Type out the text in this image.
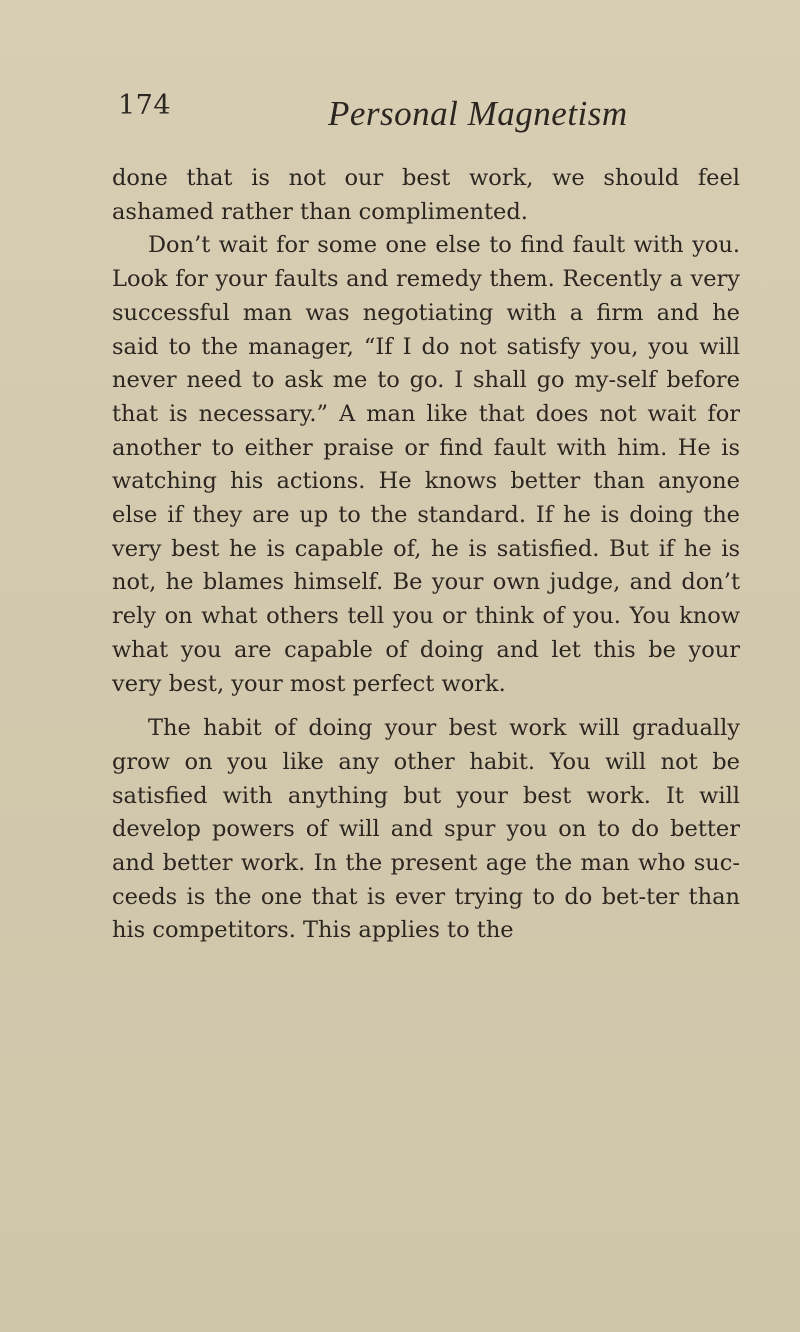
174	Personal Magnetism

done that is not our best work, we should feel ashamed rather than complimented.

Don’t wait for some one else to find fault with you. Look for your faults and remedy them. Recently a very successful man was negotiating with a firm and he said to the manager, “If I do not satisfy you, you will never need to ask me to go. I shall go my-self before that is necessary.” A man like that does not wait for another to either praise or find fault with him. He is watching his actions. He knows better than anyone else if they are up to the standard. If he is doing the very best he is capable of, he is satisfied. But if he is not, he blames himself. Be your own judge, and don’t rely on what others tell you or think of you. You know what you are capable of doing and let this be your very best, your most perfect work.

The habit of doing your best work will gradually grow on you like any other habit. You will not be satisfied with anything but your best work. It will develop powers of will and spur you on to do better and better work. In the present age the man who suc-ceeds is the one that is ever trying to do bet-ter than his competitors. This applies to the
